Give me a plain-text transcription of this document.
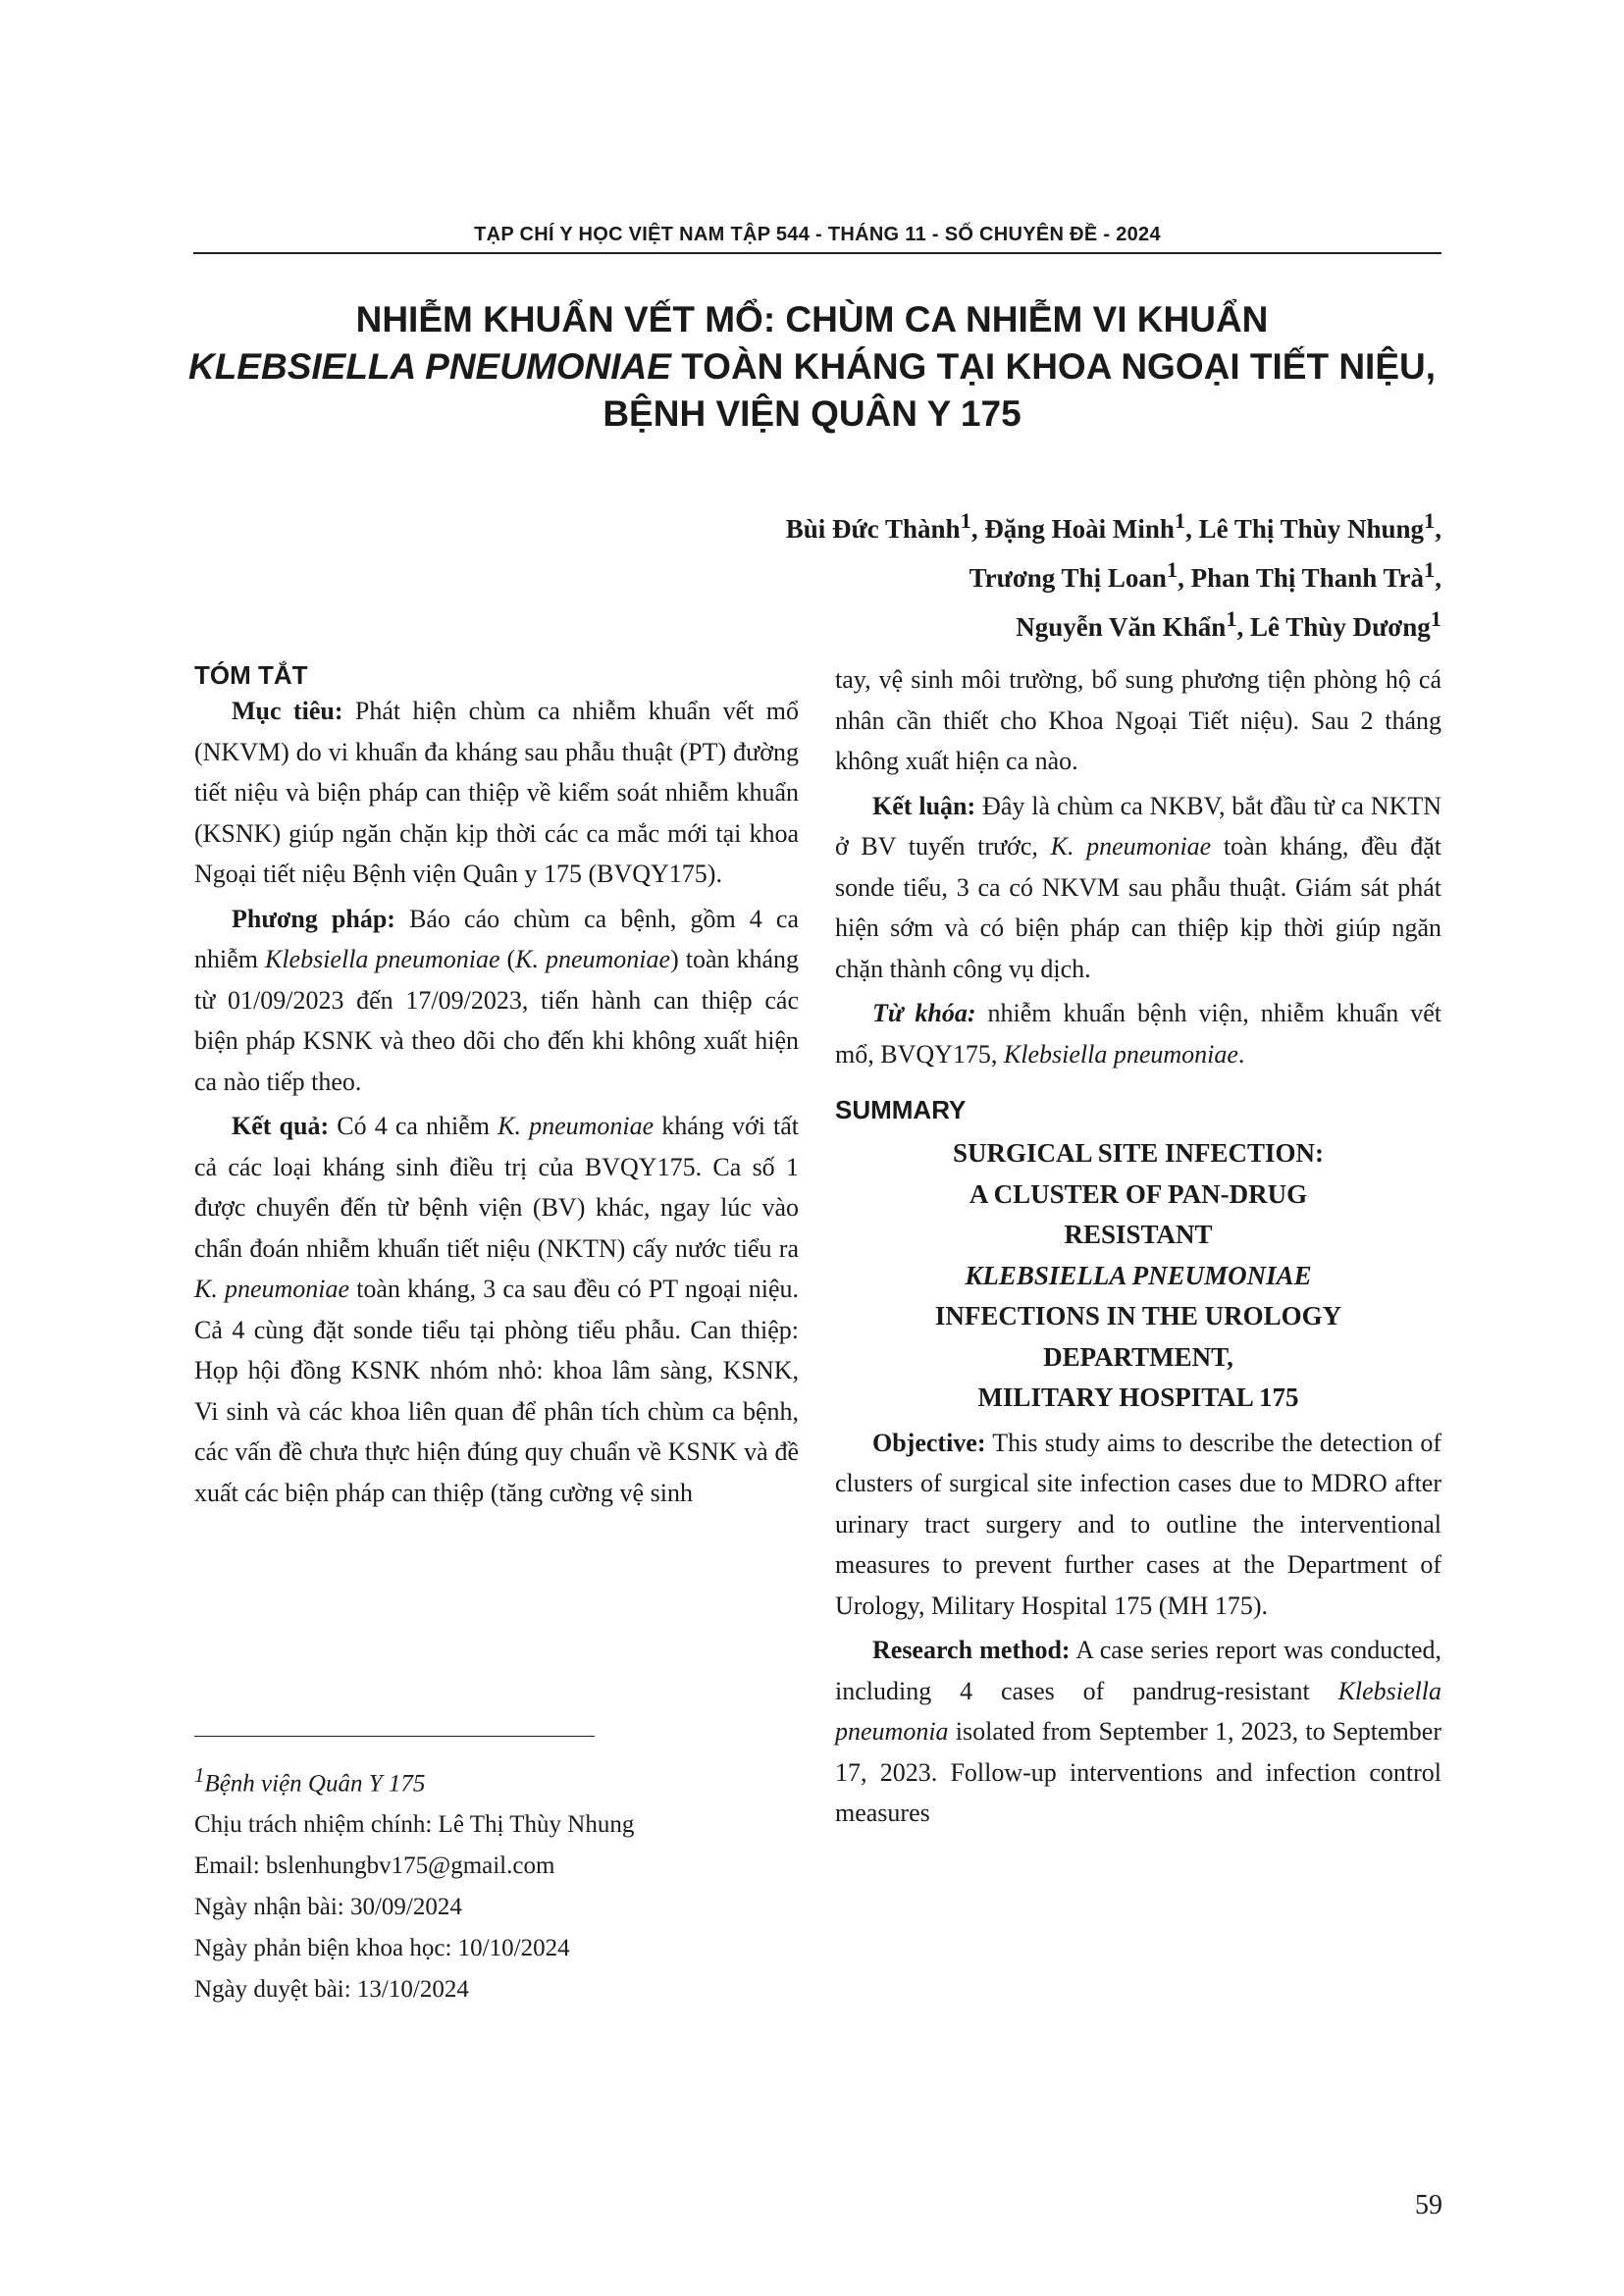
TẠP CHÍ Y HỌC VIỆT NAM TẬP 544 - THÁNG 11 - SỐ CHUYÊN ĐỀ - 2024
NHIỄM KHUẨN VẾT MỔ: CHÙM CA NHIỄM VI KHUẨN
KLEBSIELLA PNEUMONIAE TOÀN KHÁNG TẠI KHOA NGOẠI TIẾT NIỆU,
BỆNH VIỆN QUÂN Y 175
Bùi Đức Thành$^1$, Đặng Hoài Minh$^1$, Lê Thị Thùy Nhung$^1$,
Trương Thị Loan$^1$, Phan Thị Thanh Trà$^1$,
Nguyễn Văn Khẩn$^1$, Lê Thùy Dương$^1$
TÓM TẮT

Mục tiêu: Phát hiện chùm ca nhiễm khuẩn vết mổ (NKVM) do vi khuẩn đa kháng sau phẫu thuật (PT) đường tiết niệu và biện pháp can thiệp về kiểm soát nhiễm khuẩn (KSNK) giúp ngăn chặn kịp thời các ca mắc mới tại khoa Ngoại tiết niệu Bệnh viện Quân y 175 (BVQY175).

Phương pháp: Báo cáo chùm ca bệnh, gồm 4 ca nhiễm Klebsiella pneumoniae (K. pneumoniae) toàn kháng từ 01/09/2023 đến 17/09/2023, tiến hành can thiệp các biện pháp KSNK và theo dõi cho đến khi không xuất hiện ca nào tiếp theo.

Kết quả: Có 4 ca nhiễm K. pneumoniae kháng với tất cả các loại kháng sinh điều trị của BVQY175. Ca số 1 được chuyển đến từ bệnh viện (BV) khác, ngay lúc vào chẩn đoán nhiễm khuẩn tiết niệu (NKTN) cấy nước tiểu ra K. pneumoniae toàn kháng, 3 ca sau đều có PT ngoại niệu. Cả 4 cùng đặt sonde tiểu tại phòng tiểu phẫu. Can thiệp: Họp hội đồng KSNK nhóm nhỏ: khoa lâm sàng, KSNK, Vi sinh và các khoa liên quan để phân tích chùm ca bệnh, các vấn đề chưa thực hiện đúng quy chuẩn về KSNK và đề xuất các biện pháp can thiệp (tăng cường vệ sinh

$^1$Bệnh viện Quân Y 175
Chịu trách nhiệm chính: Lê Thị Thùy Nhung
Email: bslenhungbv175@gmail.com
Ngày nhận bài: 30/09/2024
Ngày phản biện khoa học: 10/10/2024
Ngày duyệt bài: 13/10/2024

tay, vệ sinh môi trường, bổ sung phương tiện phòng hộ cá nhân cần thiết cho Khoa Ngoại Tiết niệu). Sau 2 tháng không xuất hiện ca nào.

Kết luận: Đây là chùm ca NKBV, bắt đầu từ ca NKTN ở BV tuyến trước, K. pneumoniae toàn kháng, đều đặt sonde tiểu, 3 ca có NKVM sau phẫu thuật. Giám sát phát hiện sớm và có biện pháp can thiệp kịp thời giúp ngăn chặn thành công vụ dịch.

Từ khóa: nhiễm khuẩn bệnh viện, nhiễm khuẩn vết mổ, BVQY175, Klebsiella pneumoniae.

SUMMARY
SURGICAL SITE INFECTION:
A CLUSTER OF PAN-DRUG
RESISTANT
KLEBSIELLA PNEUMONIAE
INFECTIONS IN THE UROLOGY
DEPARTMENT,
MILITARY HOSPITAL 175

Objective: This study aims to describe the detection of clusters of surgical site infection cases due to MDRO after urinary tract surgery and to outline the interventional measures to prevent further cases at the Department of Urology, Military Hospital 175 (MH 175).

Research method: A case series report was conducted, including 4 cases of pandrug-resistant Klebsiella pneumonia isolated from September 1, 2023, to September 17, 2023. Follow-up interventions and infection control measures

59
